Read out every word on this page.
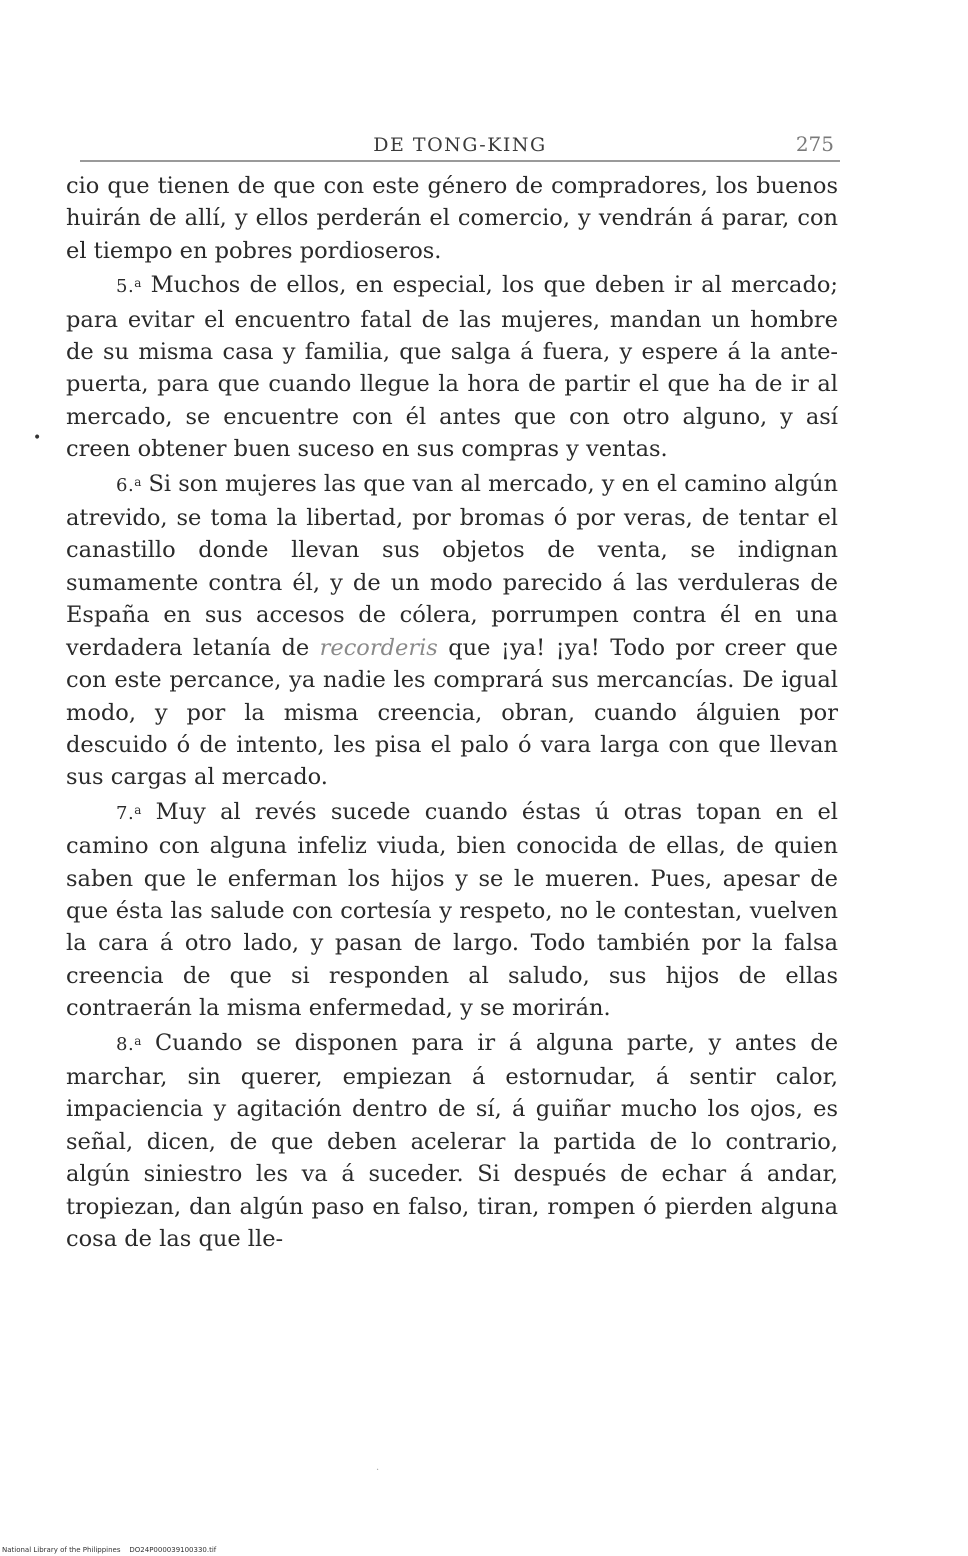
DE TONG-KING	275
•

cio que tienen de que con este género de compradores, los buenos huirán de allí, y ellos perderán el comercio, y vendrán á parar, con el tiempo en pobres pordioseros.

5.$^a$ Muchos de ellos, en especial, los que deben ir al mercado; para evitar el encuentro fatal de las mujeres, mandan un hombre de su misma casa y familia, que salga á fuera, y espere á la ante-puerta, para que cuando llegue la hora de partir el que ha de ir al mercado, se encuentre con él antes que con otro alguno, y así creen obtener buen suceso en sus compras y ventas.

6.$^a$ Si son mujeres las que van al mercado, y en el camino algún atrevido, se toma la libertad, por bromas ó por veras, de tentar el canastillo donde llevan sus objetos de venta, se indignan sumamente contra él, y de un modo parecido á las verduleras de España en sus accesos de cólera, porrumpen contra él en una verdadera letanía de recorderis que ¡ya! ¡ya! Todo por creer que con este percance, ya nadie les comprará sus mercancías. De igual modo, y por la misma creencia, obran, cuando álguien por descuido ó de intento, les pisa el palo ó vara larga con que llevan sus cargas al mercado.

7.$^a$ Muy al revés sucede cuando éstas ú otras topan en el camino con alguna infeliz viuda, bien conocida de ellas, de quien saben que le enferman los hijos y se le mueren. Pues, apesar de que ésta las salude con cortesía y respeto, no le contestan, vuelven la cara á otro lado, y pasan de largo. Todo también por la falsa creencia de que si responden al saludo, sus hijos de ellas contraerán la misma enfermedad, y se morirán.

8.$^a$ Cuando se disponen para ir á alguna parte, y antes de marchar, sin querer, empiezan á estornudar, á sentir calor, impaciencia y agitación dentro de sí, á guiñar mucho los ojos, es señal, dicen, de que deben acelerar la partida de lo contrario, algún siniestro les va á suceder. Si después de echar á andar, tropiezan, dan algún paso en falso, tiran, rompen ó pierden alguna cosa de las que lle-

·
National Library of the Philippines    DO24P000039100330.tif
